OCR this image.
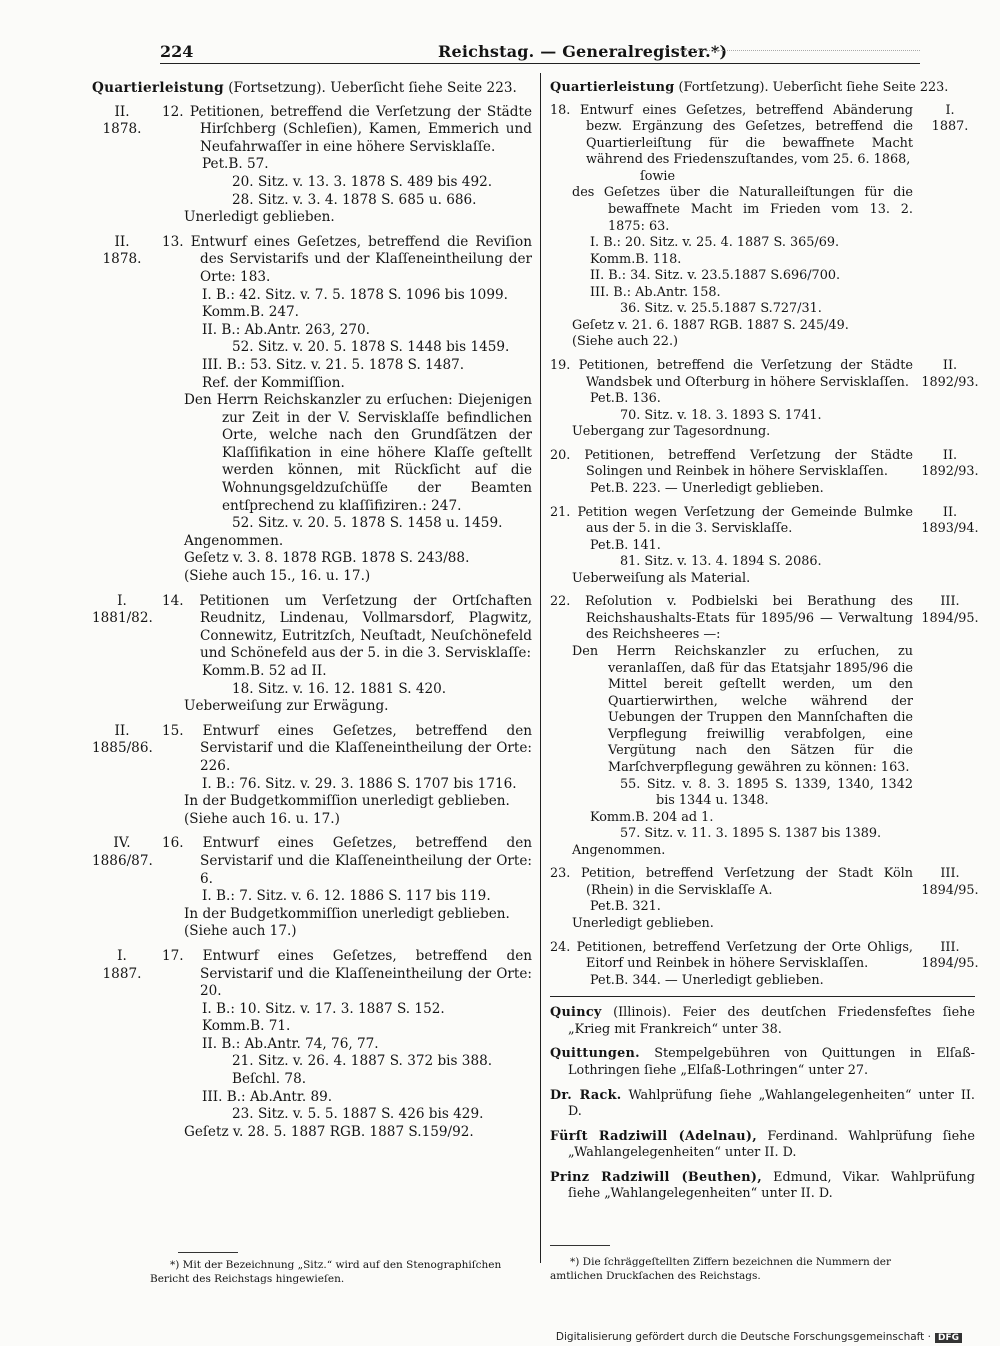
224	Reichstag. — Generalregister.*)
Quartierleistung (Fortsetzung). Ueberſicht ſiehe Seite 223.
II.
1878.
12. Petitionen, betreffend die Verſetzung der Städte Hirſchberg (Schleſien), Kamen, Emmerich und Neufahrwaſſer in eine höhere Servisklaſſe.
Pet.B. 57.
20. Sitz. v. 13. 3. 1878 S. 489 bis 492.
28. Sitz. v. 3. 4. 1878 S. 685 u. 686.
Unerledigt geblieben.
II.
1878.
13. Entwurf eines Geſetzes, betreffend die Reviſion des Servistarifs und der Klaſſeneintheilung der Orte: 183.
I. B.: 42. Sitz. v. 7. 5. 1878 S. 1096 bis 1099.
Komm.B. 247.
II. B.: Ab.Antr. 263, 270.
52. Sitz. v. 20. 5. 1878 S. 1448 bis 1459.
III. B.: 53. Sitz. v. 21. 5. 1878 S. 1487.
Ref. der Kommiſſion.
Den Herrn Reichskanzler zu erſuchen: Diejenigen zur Zeit in der V. Servisklaſſe befindlichen Orte, welche nach den Grundſätzen der Klaſſifikation in eine höhere Klaſſe geſtellt werden können, mit Rückſicht auf die Wohnungsgeldzuſchüſſe der Beamten entſprechend zu klaſſifiziren.: 247.
52. Sitz. v. 20. 5. 1878 S. 1458 u. 1459.
Angenommen.
Geſetz v. 3. 8. 1878 RGB. 1878 S. 243/88.
(Siehe auch 15., 16. u. 17.)
I.
1881/82.
14. Petitionen um Verſetzung der Ortſchaften Reudnitz, Lindenau, Vollmarsdorf, Plagwitz, Connewitz, Eutritzſch, Neuſtadt, Neuſchönefeld und Schönefeld aus der 5. in die 3. Servisklaſſe:
Komm.B. 52 ad II.
18. Sitz. v. 16. 12. 1881 S. 420.
Ueberweiſung zur Erwägung.
II.
1885/86.
15. Entwurf eines Geſetzes, betreffend den Servistarif und die Klaſſeneintheilung der Orte: 226.
I. B.: 76. Sitz. v. 29. 3. 1886 S. 1707 bis 1716.
In der Budgetkommiſſion unerledigt geblieben.
(Siehe auch 16. u. 17.)
IV.
1886/87.
16. Entwurf eines Geſetzes, betreffend den Servistarif und die Klaſſeneintheilung der Orte: 6.
I. B.: 7. Sitz. v. 6. 12. 1886 S. 117 bis 119.
In der Budgetkommiſſion unerledigt geblieben.
(Siehe auch 17.)
I.
1887.
17. Entwurf eines Geſetzes, betreffend den Servistarif und die Klaſſeneintheilung der Orte: 20.
I. B.: 10. Sitz. v. 17. 3. 1887 S. 152.
Komm.B. 71.
II. B.: Ab.Antr. 74, 76, 77.
21. Sitz. v. 26. 4. 1887 S. 372 bis 388.
Beſchl. 78.
III. B.: Ab.Antr. 89.
23. Sitz. v. 5. 5. 1887 S. 426 bis 429.
Geſetz v. 28. 5. 1887 RGB. 1887 S.159/92.
Quartierleistung (Fortſetzung). Ueberſicht ſiehe Seite 223.
I.
1887.
18. Entwurf eines Geſetzes, betreffend Abänderung bezw. Ergänzung des Geſetzes, betreffend die Quartierleiſtung für die bewaffnete Macht während des Friedenszuſtandes, vom 25. 6. 1868,
ſowie
des Geſetzes über die Naturalleiſtungen für die bewaffnete Macht im Frieden vom 13. 2. 1875: 63.
I. B.: 20. Sitz. v. 25. 4. 1887 S. 365/69.
Komm.B. 118.
II. B.: 34. Sitz. v. 23.5.1887 S.696/700.
III. B.: Ab.Antr. 158.
36. Sitz. v. 25.5.1887 S.727/31.
Geſetz v. 21. 6. 1887 RGB. 1887 S. 245/49.
(Siehe auch 22.)
II.
1892/93.
19. Petitionen, betreffend die Verſetzung der Städte Wandsbek und Oſterburg in höhere Servisklaſſen.
Pet.B. 136.
70. Sitz. v. 18. 3. 1893 S. 1741.
Uebergang zur Tagesordnung.
II.
1892/93.
20. Petitionen, betreffend Verſetzung der Städte Solingen und Reinbek in höhere Servisklaſſen.
Pet.B. 223. — Unerledigt geblieben.
II.
1893/94.
21. Petition wegen Verſetzung der Gemeinde Bulmke aus der 5. in die 3. Servisklaſſe.
Pet.B. 141.
81. Sitz. v. 13. 4. 1894 S. 2086.
Ueberweiſung als Material.
III.
1894/95.
22. Reſolution v. Podbielski bei Berathung des Reichshaushalts-Etats für 1895/96 — Verwaltung des Reichsheeres —:
Den Herrn Reichskanzler zu erſuchen, zu veranlaſſen, daß für das Etatsjahr 1895/96 die Mittel bereit geſtellt werden, um den Quartierwirthen, welche während der Uebungen der Truppen den Mannſchaften die Verpflegung freiwillig verabfolgen, eine Vergütung nach den Sätzen für die Marſchverpflegung gewähren zu können: 163.
55. Sitz. v. 8. 3. 1895 S. 1339, 1340, 1342 bis 1344 u. 1348.
Komm.B. 204 ad 1.
57. Sitz. v. 11. 3. 1895 S. 1387 bis 1389.
Angenommen.
III.
1894/95.
23. Petition, betreffend Verſetzung der Stadt Köln (Rhein) in die Servisklaſſe A.
Pet.B. 321.
Unerledigt geblieben.
III.
1894/95.
24. Petitionen, betreffend Verſetzung der Orte Ohligs, Eitorf und Reinbek in höhere Servisklaſſen.
Pet.B. 344. — Unerledigt geblieben.
Quincy (Illinois). Feier des deutſchen Friedensfeſtes ſiehe „Krieg mit Frankreich“ unter 38.
Quittungen. Stempelgebühren von Quittungen in Elſaß-Lothringen ſiehe „Elſaß-Lothringen“ unter 27.
Dr. Rack. Wahlprüfung ſiehe „Wahlangelegenheiten“ unter II. D.
Fürſt Radziwill (Adelnau), Ferdinand. Wahlprüfung ſiehe „Wahlangelegenheiten“ unter II. D.
Prinz Radziwill (Beuthen), Edmund, Vikar. Wahlprüfung ſiehe „Wahlangelegenheiten“ unter II. D.
*) Mit der Bezeichnung „Sitz.“ wird auf den Stenographiſchen Bericht des Reichstags hingewieſen.
*) Die ſchräggeſtellten Ziffern bezeichnen die Nummern der amtlichen Druckſachen des Reichstags.
Digitalisierung gefördert durch die Deutsche Forschungsgemeinschaft · DFG
